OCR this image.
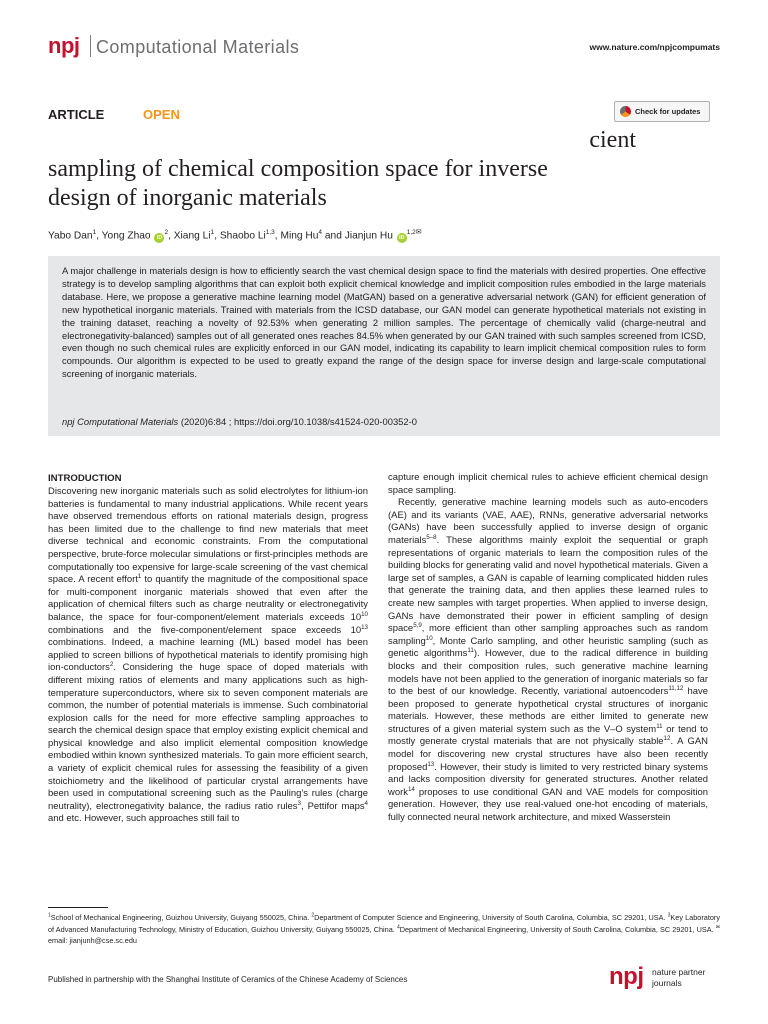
npj Computational Materials	www.nature.com/npjcompumats
ARTICLE	OPEN	Check for updates
cient
sampling of chemical composition space for inverse
design of inorganic materials
Yabo Dan$^1$, Yong Zhao $iD^2$, Xiang Li$^1$, Shaobo Li$^{1,3}$, Ming Hu$^4$ and Jianjun Hu $iD^{1,2✉}$
A major challenge in materials design is how to efficiently search the vast chemical design space to find the materials with desired properties. One effective strategy is to develop sampling algorithms that can exploit both explicit chemical knowledge and implicit composition rules embodied in the large materials database. Here, we propose a generative machine learning model (MatGAN) based on a generative adversarial network (GAN) for efficient generation of new hypothetical inorganic materials. Trained with materials from the ICSD database, our GAN model can generate hypothetical materials not existing in the training dataset, reaching a novelty of 92.53% when generating 2 million samples. The percentage of chemically valid (charge-neutral and electronegativity-balanced) samples out of all generated ones reaches 84.5% when generated by our GAN trained with such samples screened from ICSD, even though no such chemical rules are explicitly enforced in our GAN model, indicating its capability to learn implicit chemical composition rules to form compounds. Our algorithm is expected to be used to greatly expand the range of the design space for inverse design and large-scale computational screening of inorganic materials.
npj Computational Materials (2020)6:84 ; https://doi.org/10.1038/s41524-020-00352-0
INTRODUCTION

Discovering new inorganic materials such as solid electrolytes for lithium-ion batteries is fundamental to many industrial applications. While recent years have observed tremendous efforts on rational materials design, progress has been limited due to the challenge to find new materials that meet diverse technical and economic constraints. From the computational perspective, brute-force molecular simulations or first-principles methods are computationally too expensive for large-scale screening of the vast chemical space. A recent effort$^1$ to quantify the magnitude of the compositional space for multi-component inorganic materials showed that even after the application of chemical filters such as charge neutrality or electronegativity balance, the space for four-component/element materials exceeds $10^{10}$ combinations and the five-component/element space exceeds $10^{13}$ combinations. Indeed, a machine learning (ML) based model has been applied to screen billions of hypothetical materials to identify promising high ion-conductors$^2$. Considering the huge space of doped materials with different mixing ratios of elements and many applications such as high-temperature superconductors, where six to seven component materials are common, the number of potential materials is immense. Such combinatorial explosion calls for the need for more effective sampling approaches to search the chemical design space that employ existing explicit chemical and physical knowledge and also implicit elemental composition knowledge embodied within known synthesized materials. To gain more efficient search, a variety of explicit chemical rules for assessing the feasibility of a given stoichiometry and the likelihood of particular crystal arrangements have been used in computational screening such as the Pauling’s rules (charge neutrality), electronegativity balance, the radius ratio rules$^3$, Pettifor maps$^4$ and etc. However, such approaches still fail to

capture enough implicit chemical rules to achieve efficient chemical design space sampling.

Recently, generative machine learning models such as auto-encoders (AE) and its variants (VAE, AAE), RNNs, generative adversarial networks (GANs) have been successfully applied to inverse design of organic materials$^{5-8}$. These algorithms mainly exploit the sequential or graph representations of organic materials to learn the composition rules of the building blocks for generating valid and novel hypothetical materials. Given a large set of samples, a GAN is capable of learning complicated hidden rules that generate the training data, and then applies these learned rules to create new samples with target properties. When applied to inverse design, GANs have demonstrated their power in efficient sampling of design space$^{5,9}$, more efficient than other sampling approaches such as random sampling$^{10}$, Monte Carlo sampling, and other heuristic sampling (such as genetic algorithms$^{11}$). However, due to the radical difference in building blocks and their composition rules, such generative machine learning models have not been applied to the generation of inorganic materials so far to the best of our knowledge. Recently, variational autoencoders$^{11,12}$ have been proposed to generate hypothetical crystal structures of inorganic materials. However, these methods are either limited to generate new structures of a given material system such as the V–O system$^{11}$ or tend to mostly generate crystal materials that are not physically stable$^{12}$. A GAN model for discovering new crystal structures have also been recently proposed$^{13}$. However, their study is limited to very restricted binary systems and lacks composition diversity for generated structures. Another related work$^{14}$ proposes to use conditional GAN and VAE models for composition generation. However, they use real-valued one-hot encoding of materials, fully connected neural network architecture, and mixed Wasserstein

$^1$School of Mechanical Engineering, Guizhou University, Guiyang 550025, China. $^2$Department of Computer Science and Engineering, University of South Carolina, Columbia, SC 29201, USA. $^3$Key Laboratory of Advanced Manufacturing Technology, Ministry of Education, Guizhou University, Guiyang 550025, China. $^4$Department of Mechanical Engineering, University of South Carolina, Columbia, SC 29201, USA. ✉email: jianjunh@cse.sc.edu
Published in partnership with the Shanghai Institute of Ceramics of the Chinese Academy of Sciences	npj nature partner
journals
